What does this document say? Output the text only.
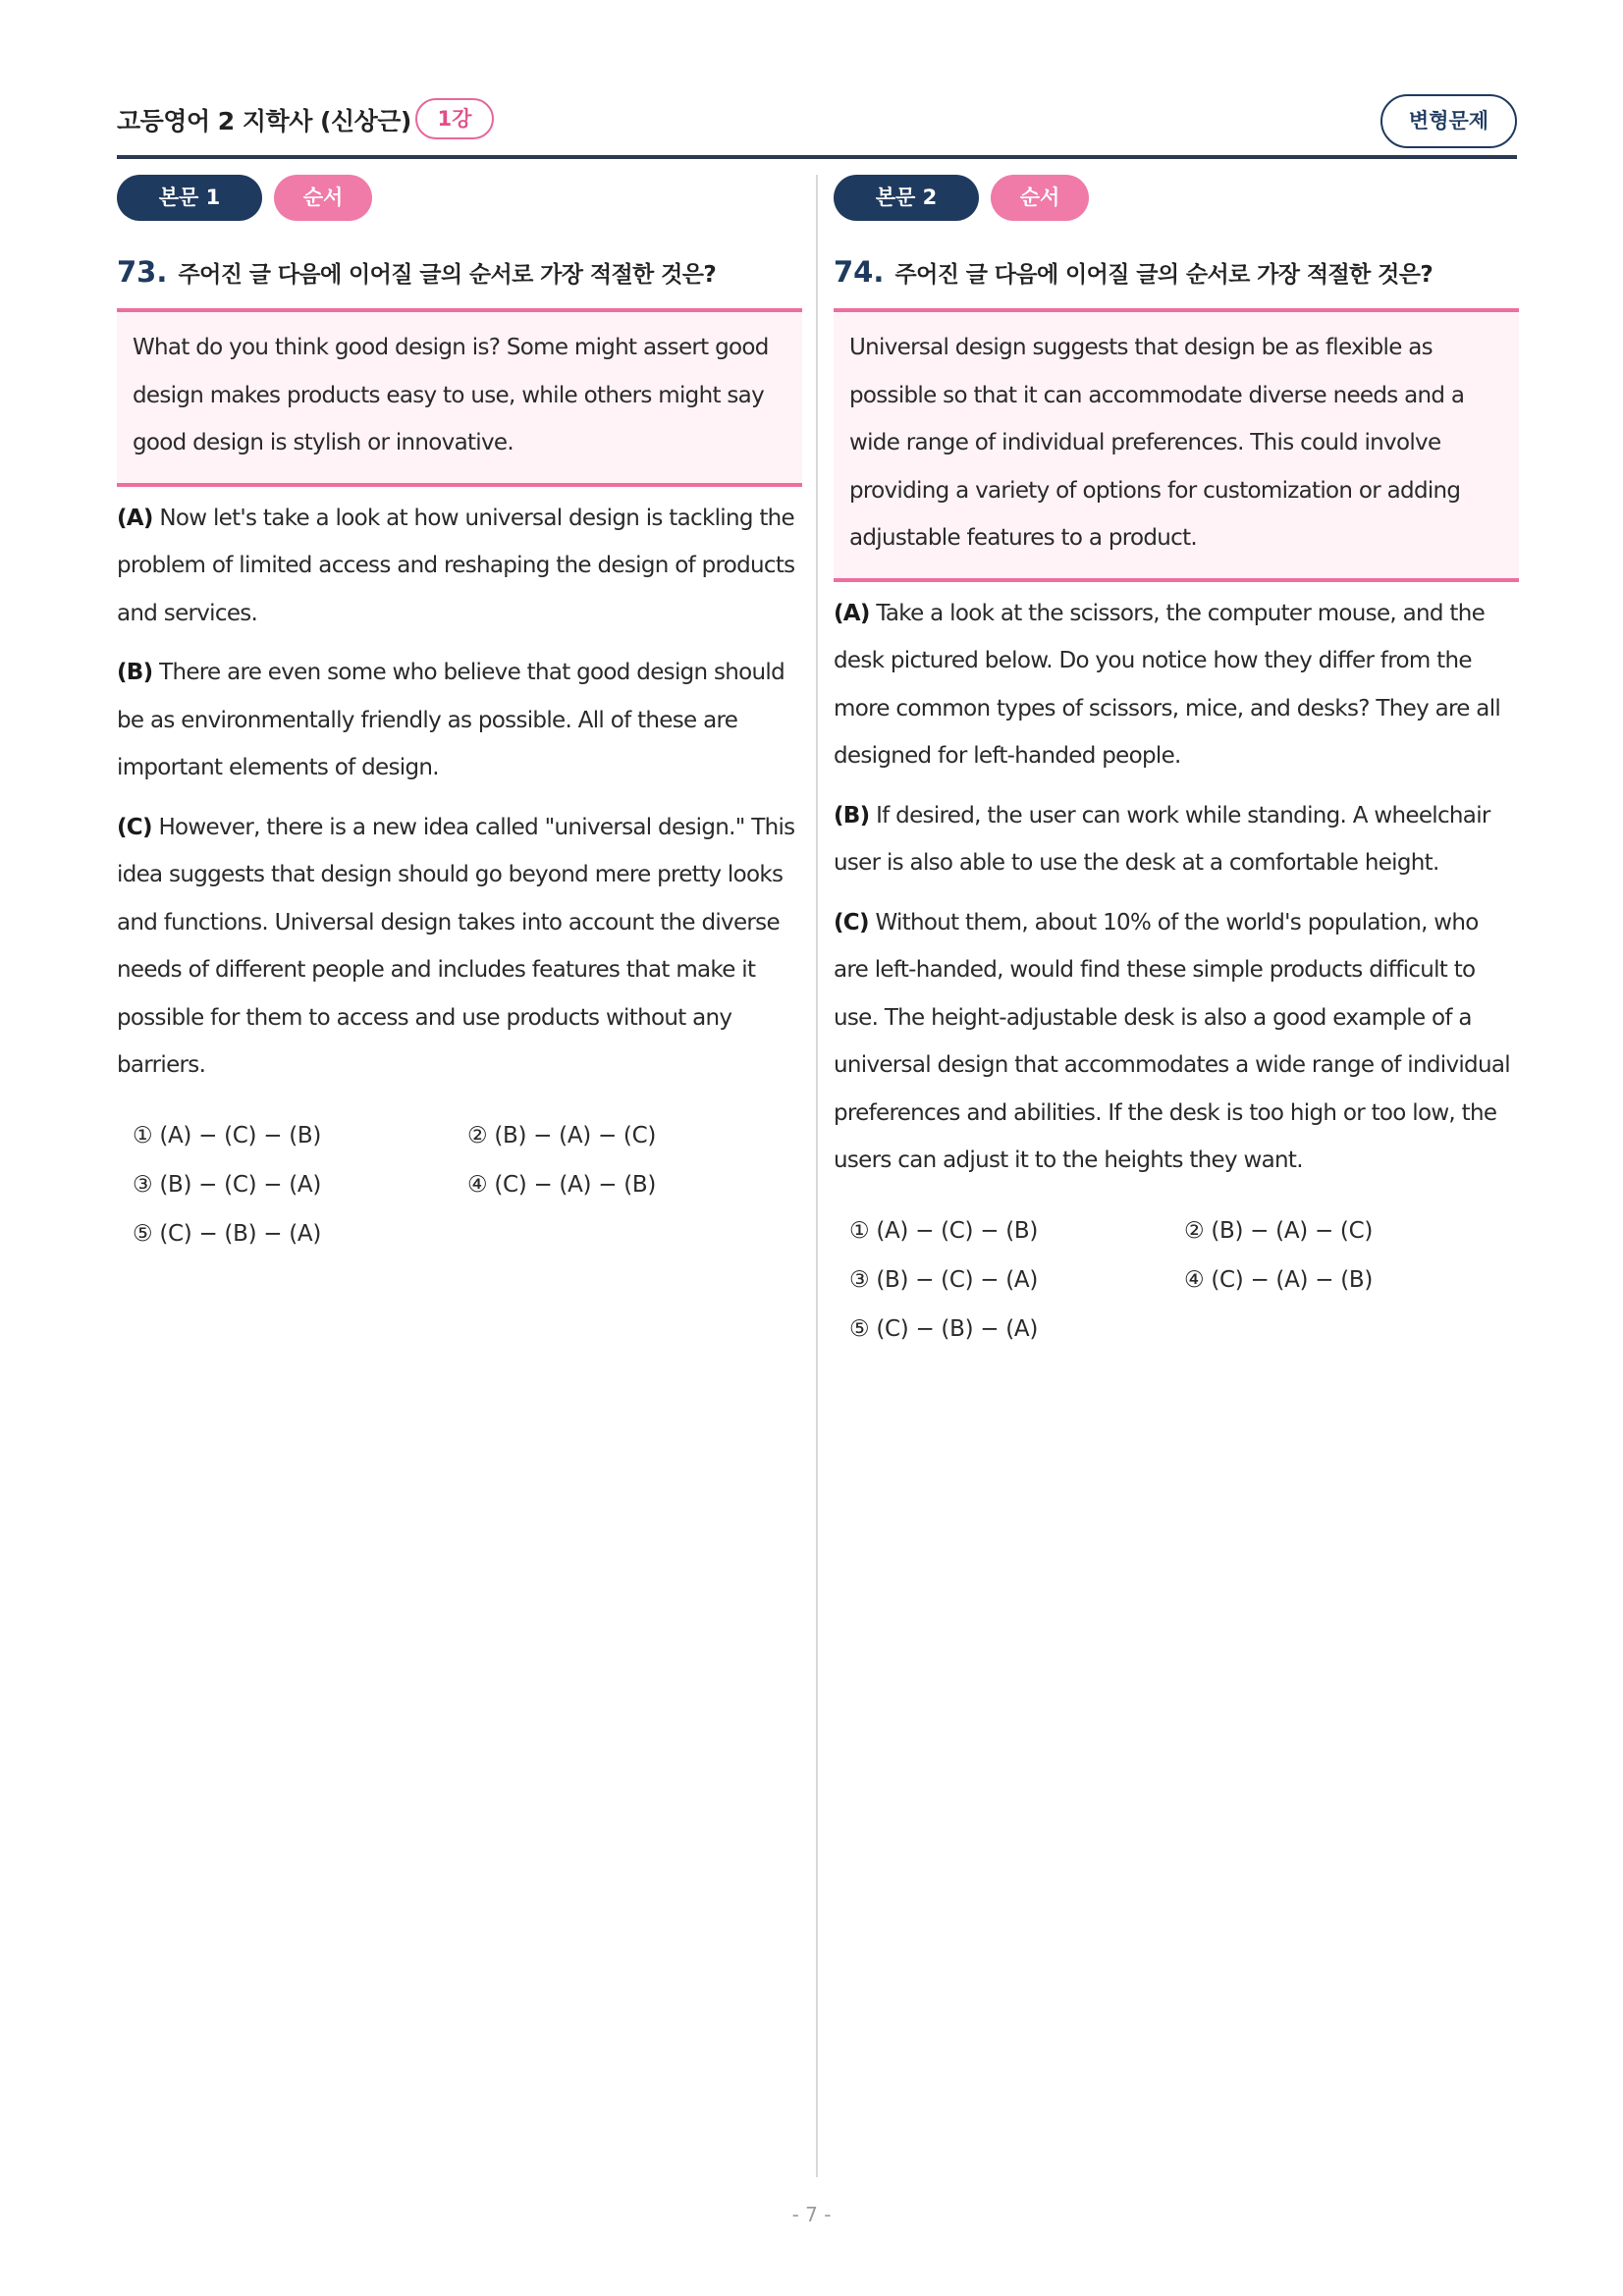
고등영어 2 지학사 (신상근)	1강	변형문제
본문 1	순서
73. 주어진 글 다음에 이어질 글의 순서로 가장 적절한 것은?
What do you think good design is? Some might assert good design makes products easy to use, while others might say good design is stylish or innovative.
(A) Now let's take a look at how universal design is tackling the problem of limited access and reshaping the design of products and services.
(B) There are even some who believe that good design should be as environmentally friendly as possible. All of these are important elements of design.
(C) However, there is a new idea called "universal design." This idea suggests that design should go beyond mere pretty looks and functions. Universal design takes into account the diverse needs of different people and includes features that make it possible for them to access and use products without any barriers.
① (A) − (C) − (B)	② (B) − (A) − (C)
③ (B) − (C) − (A)	④ (C) − (A) − (B)
⑤ (C) − (B) − (A)
본문 2	순서
74. 주어진 글 다음에 이어질 글의 순서로 가장 적절한 것은?
Universal design suggests that design be as flexible as possible so that it can accommodate diverse needs and a wide range of individual preferences. This could involve providing a variety of options for customization or adding adjustable features to a product.
(A) Take a look at the scissors, the computer mouse, and the desk pictured below. Do you notice how they differ from the more common types of scissors, mice, and desks? They are all designed for left-handed people.
(B) If desired, the user can work while standing. A wheelchair user is also able to use the desk at a comfortable height.
(C) Without them, about 10% of the world's population, who are left-handed, would find these simple products difficult to use. The height-adjustable desk is also a good example of a universal design that accommodates a wide range of individual preferences and abilities. If the desk is too high or too low, the users can adjust it to the heights they want.
① (A) − (C) − (B)	② (B) − (A) − (C)
③ (B) − (C) − (A)	④ (C) − (A) − (B)
⑤ (C) − (B) − (A)
- 7 -
